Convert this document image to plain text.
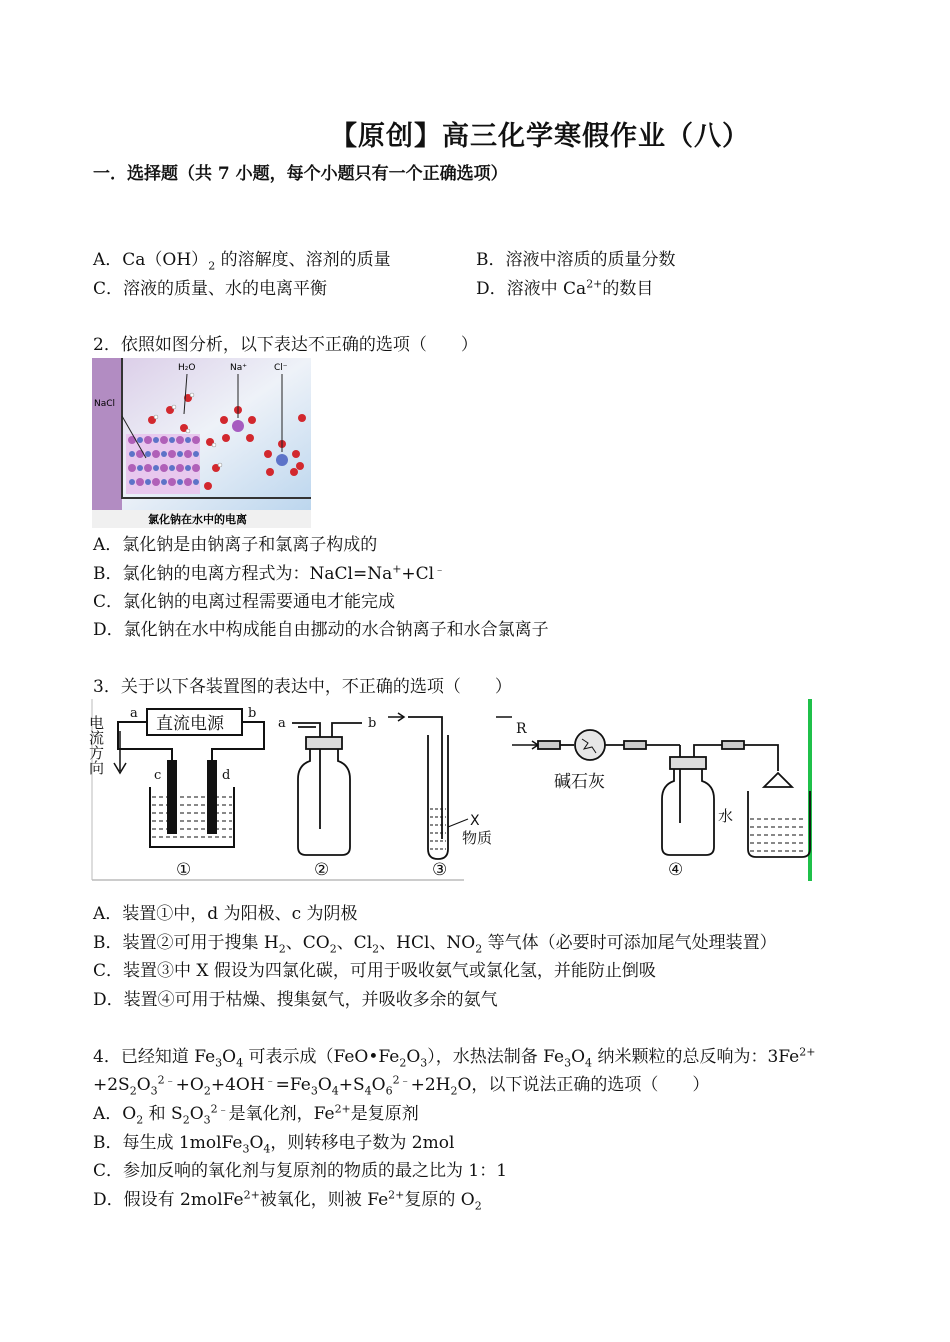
【原创】高三化学寒假作业（八）
一．选择题（共 7 小题，每个小题只有一个正确选项）
A．$Ca(OH)_2$ 的溶解度、溶剂的质量	B．溶液中溶质的质量分数
C．溶液的质量、水的电离平衡	D．溶液中 $Ca^{2+}$的数目
2．依照如图分析，以下表达不正确的选项（　　）
H₂O	Na⁺	Cl⁻
NaCl
氯化钠在水中的电离
A．氯化钠是由钠离子和氯离子构成的
B．氯化钠的电离方程式为：NaCl=Na++Cl﹣
C．氯化钠的电离过程需要通电才能完成
D．氯化钠在水中构成能自由挪动的水合钠离子和水合氯离子
3．关于以下各装置图的表达中，不正确的选项（　　）
电流方向	直流电源
a	b
c	d
①
a	b
②
X
物质
③
R
碱石灰
水
④
A．装置①中，d 为阳极、c 为阴极
B．装置②可用于搜集 $H_2$、$CO_2$、$Cl_2$、HCl、$NO_2$ 等气体（必要时可添加尾气处理装置）
C．装置③中 X 假设为四氯化碳，可用于吸收氨气或氯化氢，并能防止倒吸
D．装置④可用于枯燥、搜集氨气，并吸收多余的氨气
4．已经知道 $Fe_3O_4$ 可表示成$(FeO•Fe_2O_3)$，水热法制备 $Fe_3O_4$ 纳米颗粒的总反响为：$3Fe^{2+}$
$+2S_2O_3^{2﹣}+O_2+4OH^﹣=Fe_3O_4+S_4O_6^{2﹣}+2H_2O$，以下说法正确的选项（　　）
A．$O_2$ 和 $S_2O_3^{2﹣}$是氧化剂，$Fe^{2+}$是复原剂
B．每生成 $1molFe_3O_4$，则转移电子数为 2mol
C．参加反响的氧化剂与复原剂的物质的最之比为 1：1
D．假设有 2molFe$^{2+}$被氧化，则被 $Fe^{2+}$复原的 $O_2$
